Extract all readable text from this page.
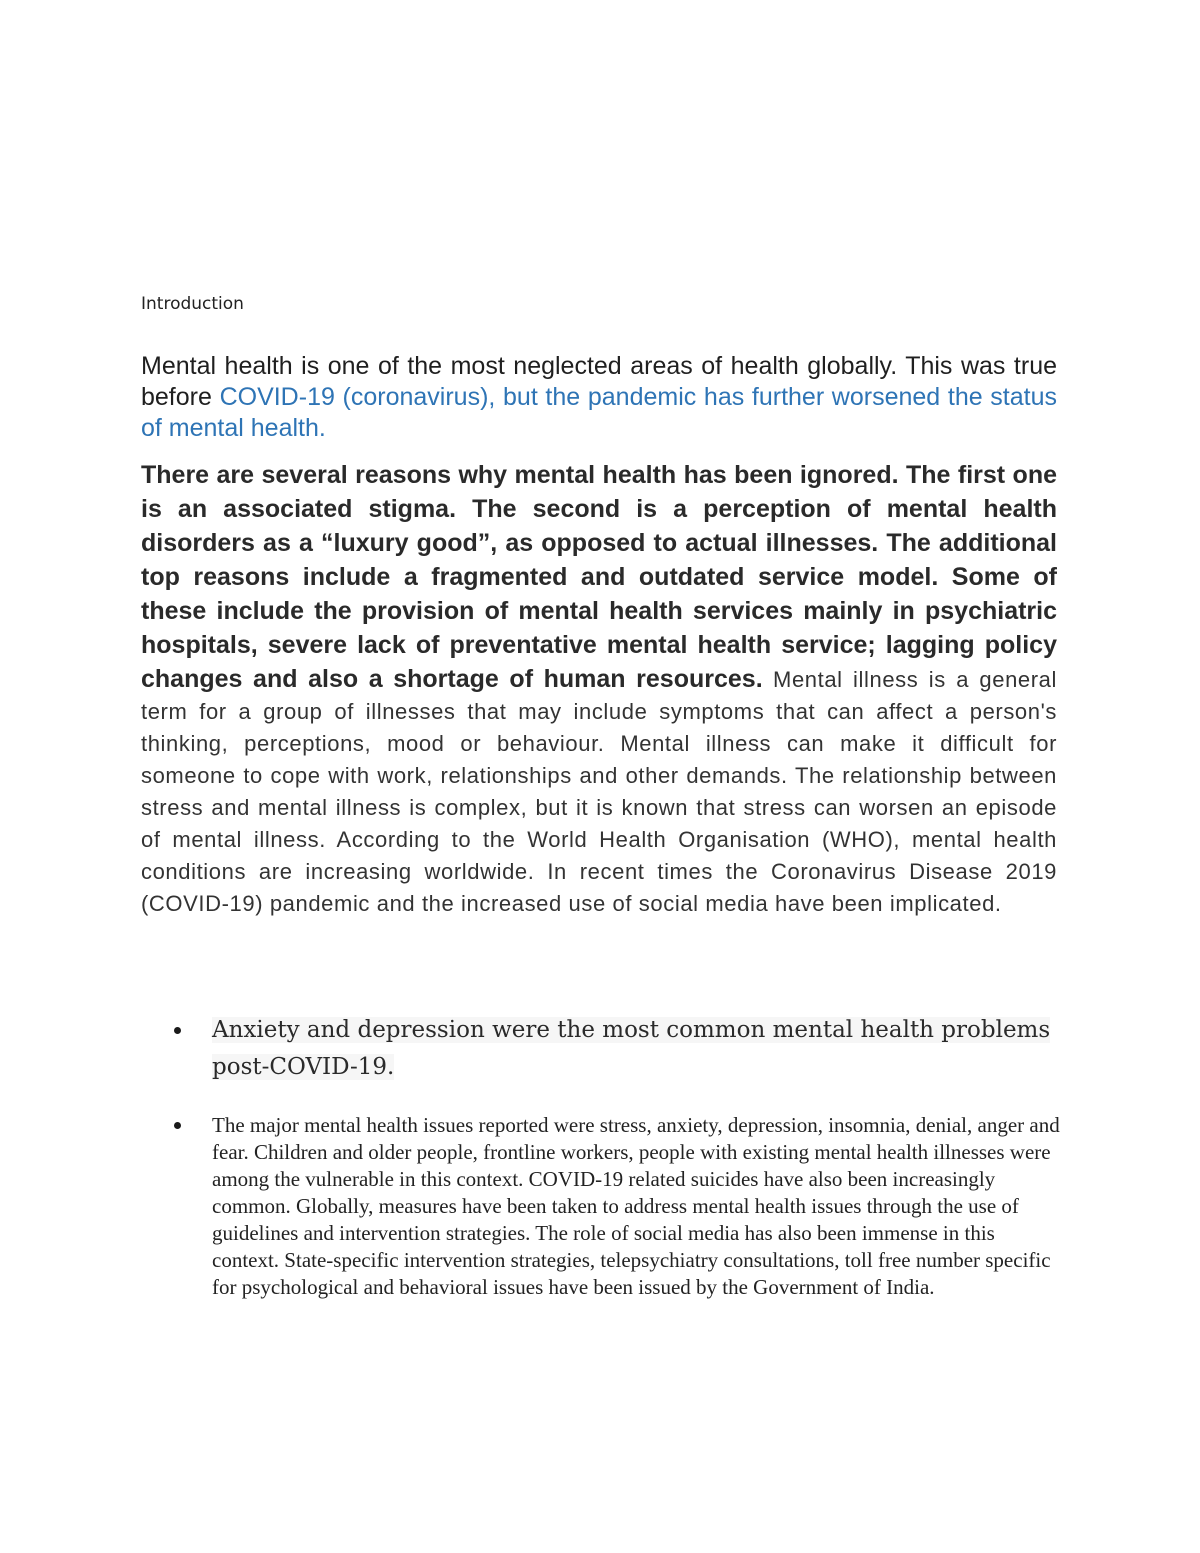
Introduction

Mental health is one of the most neglected areas of health globally. This was true before COVID-19 (coronavirus), but the pandemic has further worsened the status of mental health.

There are several reasons why mental health has been ignored. The first one is an associated stigma. The second is a perception of mental health disorders as a “luxury good”, as opposed to actual illnesses. The additional top reasons include a fragmented and outdated service model. Some of these include the provision of mental health services mainly in psychiatric hospitals, severe lack of preventative mental health service; lagging policy changes and also a shortage of human resources. Mental illness is a general term for a group of illnesses that may include symptoms that can affect a person's thinking, perceptions, mood or behaviour. Mental illness can make it difficult for someone to cope with work, relationships and other demands. The relationship between stress and mental illness is complex, but it is known that stress can worsen an episode of mental illness. According to the World Health Organisation (WHO), mental health conditions are increasing worldwide. In recent times the Coronavirus Disease 2019 (COVID-19) pandemic and the increased use of social media have been implicated.

Anxiety and depression were the most common mental health problems post-COVID-19.
The major mental health issues reported were stress, anxiety, depression, insomnia, denial, anger and fear. Children and older people, frontline workers, people with existing mental health illnesses were among the vulnerable in this context. COVID-19 related suicides have also been increasingly common. Globally, measures have been taken to address mental health issues through the use of guidelines and intervention strategies. The role of social media has also been immense in this context. State-specific intervention strategies, telepsychiatry consultations, toll free number specific for psychological and behavioral issues have been issued by the Government of India.
